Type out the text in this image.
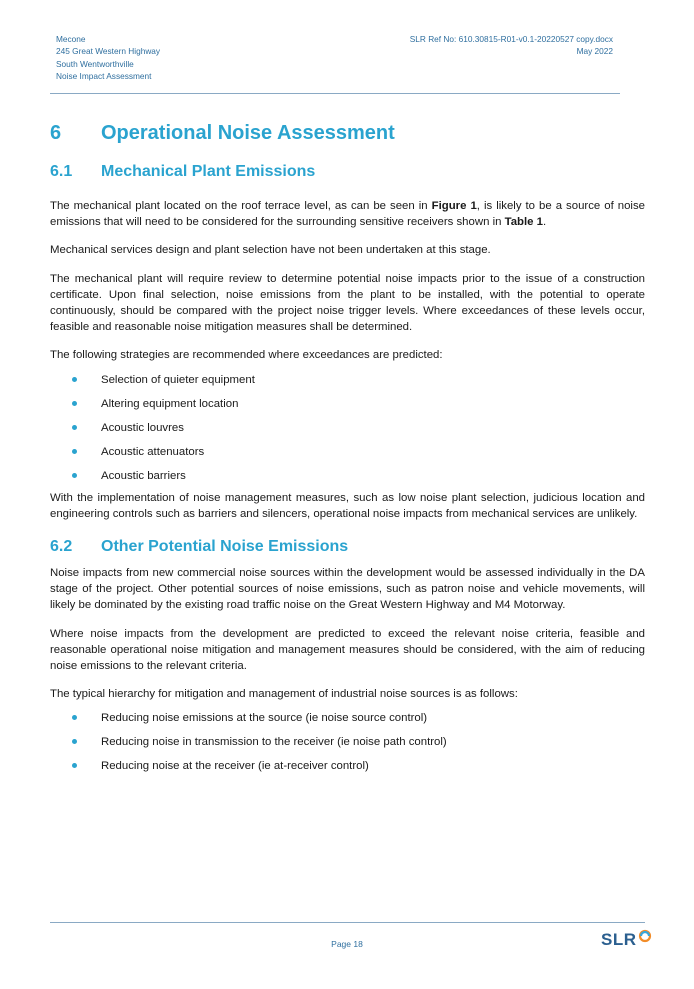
Mecone
245 Great Western Highway
South Wentworthville
Noise Impact Assessment
SLR Ref No: 610.30815-R01-v0.1-20220527 copy.docx
May 2022
6	Operational Noise Assessment
6.1	Mechanical Plant Emissions

The mechanical plant located on the roof terrace level, as can be seen in Figure 1, is likely to be a source of noise emissions that will need to be considered for the surrounding sensitive receivers shown in Table 1.

Mechanical services design and plant selection have not been undertaken at this stage.

The mechanical plant will require review to determine potential noise impacts prior to the issue of a construction certificate. Upon final selection, noise emissions from the plant to be installed, with the potential to operate continuously, should be compared with the project noise trigger levels. Where exceedances of these levels occur, feasible and reasonable noise mitigation measures shall be determined.

The following strategies are recommended where exceedances are predicted:

Selection of quieter equipment
Altering equipment location
Acoustic louvres
Acoustic attenuators
Acoustic barriers

With the implementation of noise management measures, such as low noise plant selection, judicious location and engineering controls such as barriers and silencers, operational noise impacts from mechanical services are unlikely.

6.2	Other Potential Noise Emissions

Noise impacts from new commercial noise sources within the development would be assessed individually in the DA stage of the project. Other potential sources of noise emissions, such as patron noise and vehicle movements, will likely be dominated by the existing road traffic noise on the Great Western Highway and M4 Motorway.

Where noise impacts from the development are predicted to exceed the relevant noise criteria, feasible and reasonable operational noise mitigation and management measures should be considered, with the aim of reducing noise emissions to the relevant criteria.

The typical hierarchy for mitigation and management of industrial noise sources is as follows:

Reducing noise emissions at the source (ie noise source control)
Reducing noise in transmission to the receiver (ie noise path control)
Reducing noise at the receiver (ie at-receiver control)
Page 18	SLR
